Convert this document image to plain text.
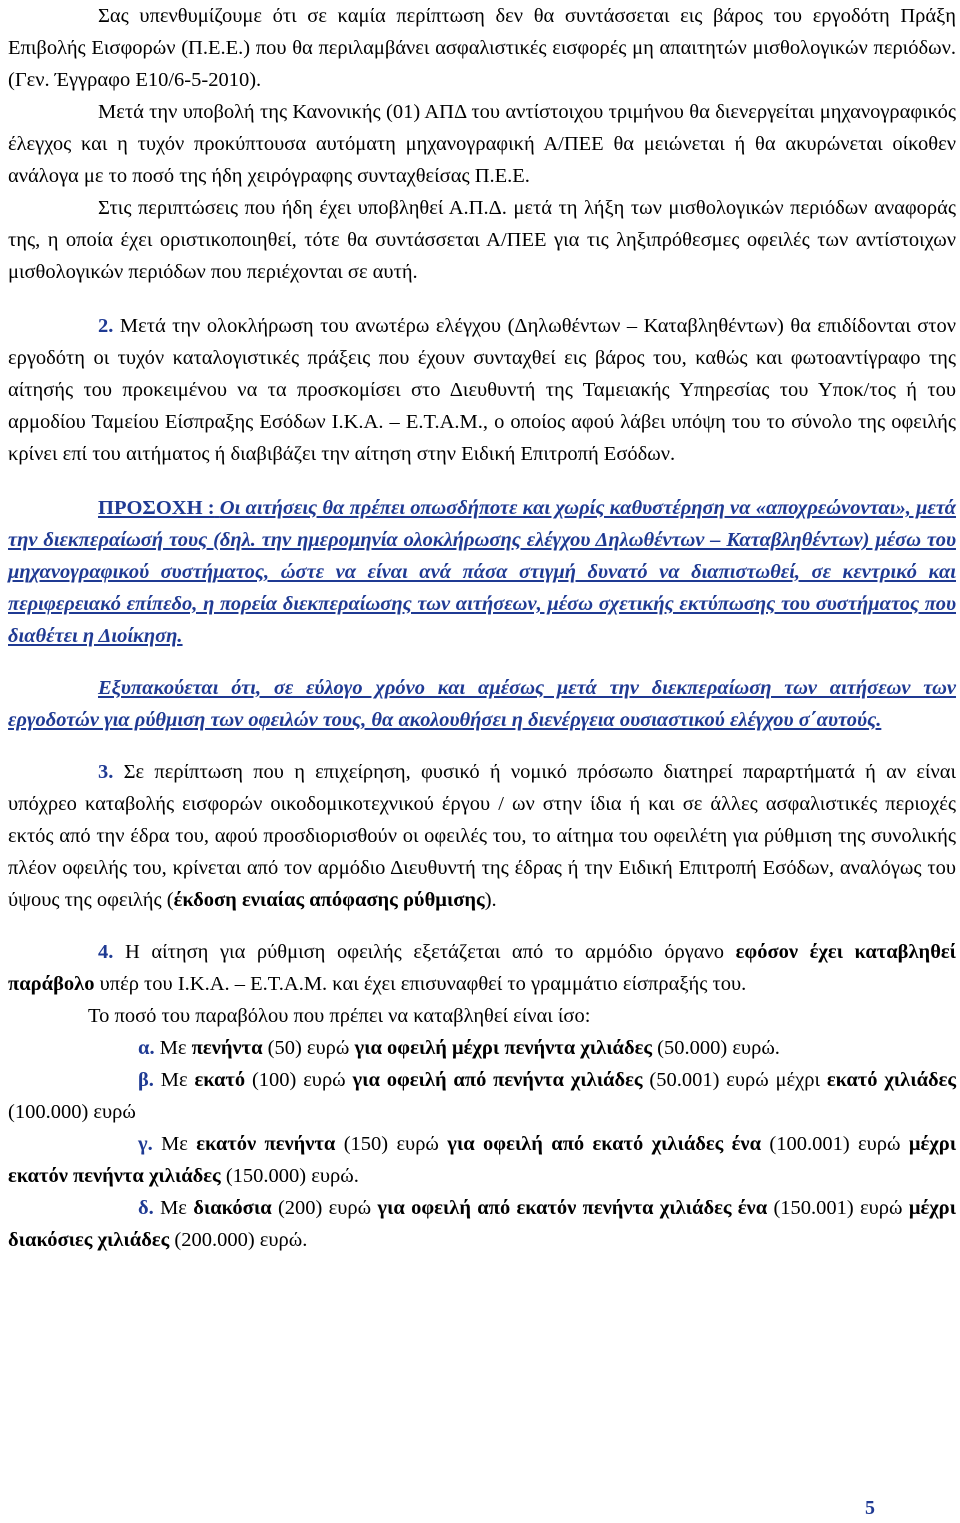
Σας υπενθυμίζουμε ότι σε καμία περίπτωση δεν θα συντάσσεται εις βάρος του εργοδότη Πράξη Επιβολής Εισφορών (Π.Ε.Ε.) που θα περιλαμβάνει ασφαλιστικές εισφορές μη απαιτητών μισθολογικών περιόδων. (Γεν. Έγγραφο Ε10/6-5-2010).

Μετά την υποβολή της Κανονικής (01) ΑΠΔ του αντίστοιχου τριμήνου θα διενεργείται μηχανογραφικός έλεγχος και η τυχόν προκύπτουσα αυτόματη μηχανογραφική Α/ΠΕΕ θα μειώνεται ή θα ακυρώνεται οίκοθεν ανάλογα με το ποσό της ήδη χειρόγραφης συνταχθείσας Π.Ε.Ε.

Στις περιπτώσεις που ήδη έχει υποβληθεί Α.Π.Δ. μετά τη λήξη των μισθολογικών περιόδων αναφοράς της, η οποία έχει οριστικοποιηθεί, τότε θα συντάσσεται Α/ΠΕΕ για τις ληξιπρόθεσμες οφειλές των αντίστοιχων μισθολογικών περιόδων που περιέχονται σε αυτή.

2. Μετά την ολοκλήρωση του ανωτέρω ελέγχου (Δηλωθέντων – Καταβληθέντων) θα επιδίδονται στον εργοδότη οι τυχόν καταλογιστικές πράξεις που έχουν συνταχθεί εις βάρος του, καθώς και φωτοαντίγραφο της αίτησής του προκειμένου να τα προσκομίσει στο Διευθυντή της Ταμειακής Υπηρεσίας του Υποκ/τος ή του αρμοδίου Ταμείου Είσπραξης Εσόδων Ι.Κ.Α. – Ε.Τ.Α.Μ., ο οποίος αφού λάβει υπόψη του το σύνολο της οφειλής κρίνει επί του αιτήματος ή διαβιβάζει την αίτηση στην Ειδική Επιτροπή Εσόδων.

ΠΡΟΣΟΧΗ : Οι αιτήσεις θα πρέπει οπωσδήποτε και χωρίς καθυστέρηση να «αποχρεώνονται», μετά την διεκπεραίωσή τους (δηλ. την ημερομηνία ολοκλήρωσης ελέγχου Δηλωθέντων – Καταβληθέντων) μέσω του μηχανογραφικού συστήματος, ώστε να είναι ανά πάσα στιγμή δυνατό να διαπιστωθεί, σε κεντρικό και περιφερειακό επίπεδο, η πορεία διεκπεραίωσης των αιτήσεων, μέσω σχετικής εκτύπωσης του συστήματος που διαθέτει η Διοίκηση.

Εξυπακούεται ότι, σε εύλογο χρόνο και αμέσως μετά την διεκπεραίωση των αιτήσεων των εργοδοτών για ρύθμιση των οφειλών τους, θα ακολουθήσει η διενέργεια ουσιαστικού ελέγχου σ΄αυτούς.

3. Σε περίπτωση που η επιχείρηση, φυσικό ή νομικό πρόσωπο διατηρεί παραρτήματά ή αν είναι υπόχρεο καταβολής εισφορών οικοδομικοτεχνικού έργου / ων στην ίδια ή και σε άλλες ασφαλιστικές περιοχές εκτός από την έδρα του, αφού προσδιορισθούν οι οφειλές του, το αίτημα του οφειλέτη για ρύθμιση της συνολικής πλέον οφειλής του, κρίνεται από τον αρμόδιο Διευθυντή της έδρας ή την Ειδική Επιτροπή Εσόδων, αναλόγως του ύψους της οφειλής (έκδοση ενιαίας απόφασης ρύθμισης).

4. Η αίτηση για ρύθμιση οφειλής εξετάζεται από το αρμόδιο όργανο εφόσον έχει καταβληθεί παράβολο υπέρ του Ι.Κ.Α. – Ε.Τ.Α.Μ. και έχει επισυναφθεί το γραμμάτιο είσπραξής του.

Το ποσό του παραβόλου που πρέπει να καταβληθεί είναι ίσο:

α. Με πενήντα (50) ευρώ για οφειλή μέχρι πενήντα χιλιάδες (50.000) ευρώ.

β. Με εκατό (100) ευρώ για οφειλή από πενήντα χιλιάδες (50.001) ευρώ μέχρι εκατό χιλιάδες (100.000) ευρώ

γ. Με εκατόν πενήντα (150) ευρώ για οφειλή από εκατό χιλιάδες ένα (100.001) ευρώ μέχρι εκατόν πενήντα χιλιάδες (150.000) ευρώ.

δ. Με διακόσια (200) ευρώ για οφειλή από εκατόν πενήντα χιλιάδες ένα (150.001) ευρώ μέχρι διακόσιες χιλιάδες (200.000) ευρώ.

5
